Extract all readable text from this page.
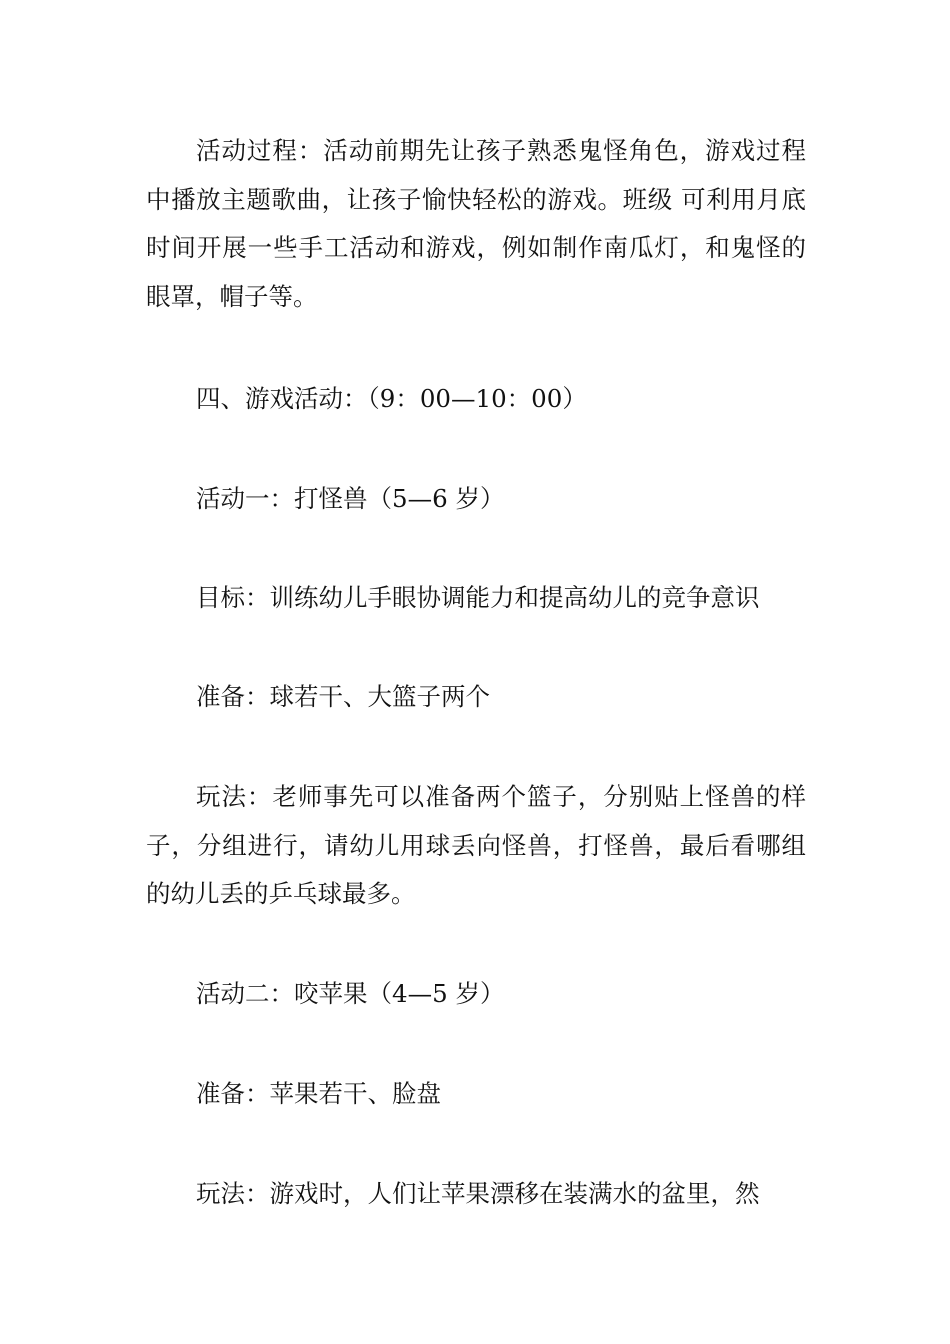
活动过程：活动前期先让孩子熟悉鬼怪角色，游戏过程中播放主题歌曲，让孩子愉快轻松的游戏。班级 可利用月底时间开展一些手工活动和游戏，例如制作南瓜灯，和鬼怪的眼罩，帽子等。

四、游戏活动：（9：00—10：00）

活动一：打怪兽（5—6 岁）

目标：训练幼儿手眼协调能力和提高幼儿的竞争意识

准备：球若干、大篮子两个

玩法：老师事先可以准备两个篮子，分别贴上怪兽的样子，分组进行，请幼儿用球丢向怪兽，打怪兽，最后看哪组的幼儿丢的乒乓球最多。

活动二：咬苹果（4—5 岁）

准备：苹果若干、脸盘

玩法：游戏时，人们让苹果漂移在装满水的盆里，然
